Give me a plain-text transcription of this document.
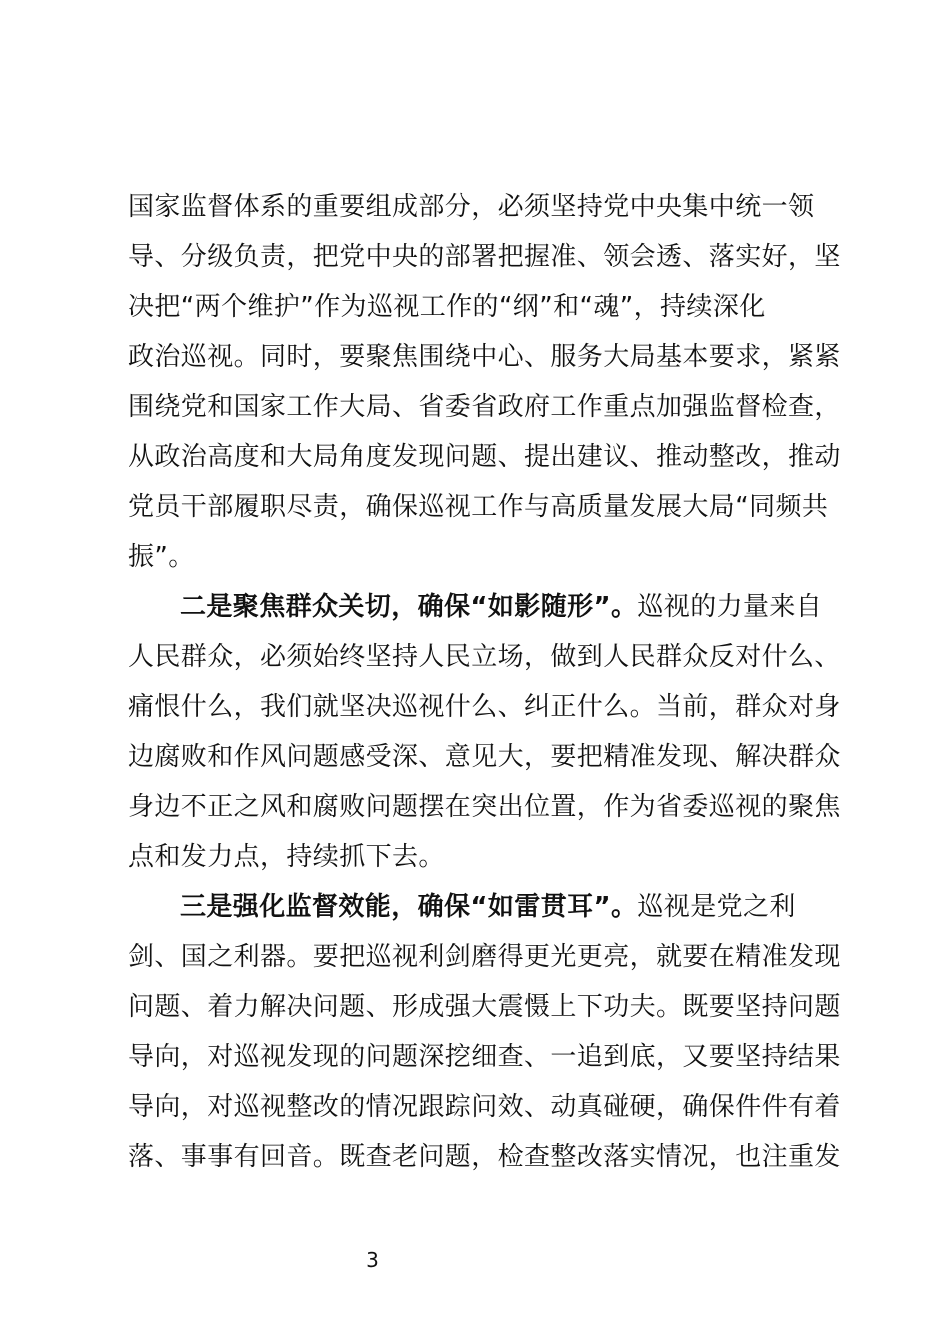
国家监督体系的重要组成部分，必须坚持党中央集中统一领
导、分级负责，把党中央的部署把握准、领会透、落实好，坚
决把“两个维护”作为巡视工作的“纲”和“魂”，持续深化
政治巡视。同时，要聚焦围绕中心、服务大局基本要求，紧紧
围绕党和国家工作大局、省委省政府工作重点加强监督检查，
从政治高度和大局角度发现问题、提出建议、推动整改，推动
党员干部履职尽责，确保巡视工作与高质量发展大局“同频共
振”。
二是聚焦群众关切，确保“如影随形”。巡视的力量来自
人民群众，必须始终坚持人民立场，做到人民群众反对什么、
痛恨什么，我们就坚决巡视什么、纠正什么。当前，群众对身
边腐败和作风问题感受深、意见大，要把精准发现、解决群众
身边不正之风和腐败问题摆在突出位置，作为省委巡视的聚焦
点和发力点，持续抓下去。
三是强化监督效能，确保“如雷贯耳”。巡视是党之利
剑、国之利器。要把巡视利剑磨得更光更亮，就要在精准发现
问题、着力解决问题、形成强大震慑上下功夫。既要坚持问题
导向，对巡视发现的问题深挖细查、一追到底，又要坚持结果
导向，对巡视整改的情况跟踪问效、动真碰硬，确保件件有着
落、事事有回音。既查老问题，检查整改落实情况，也注重发
3
